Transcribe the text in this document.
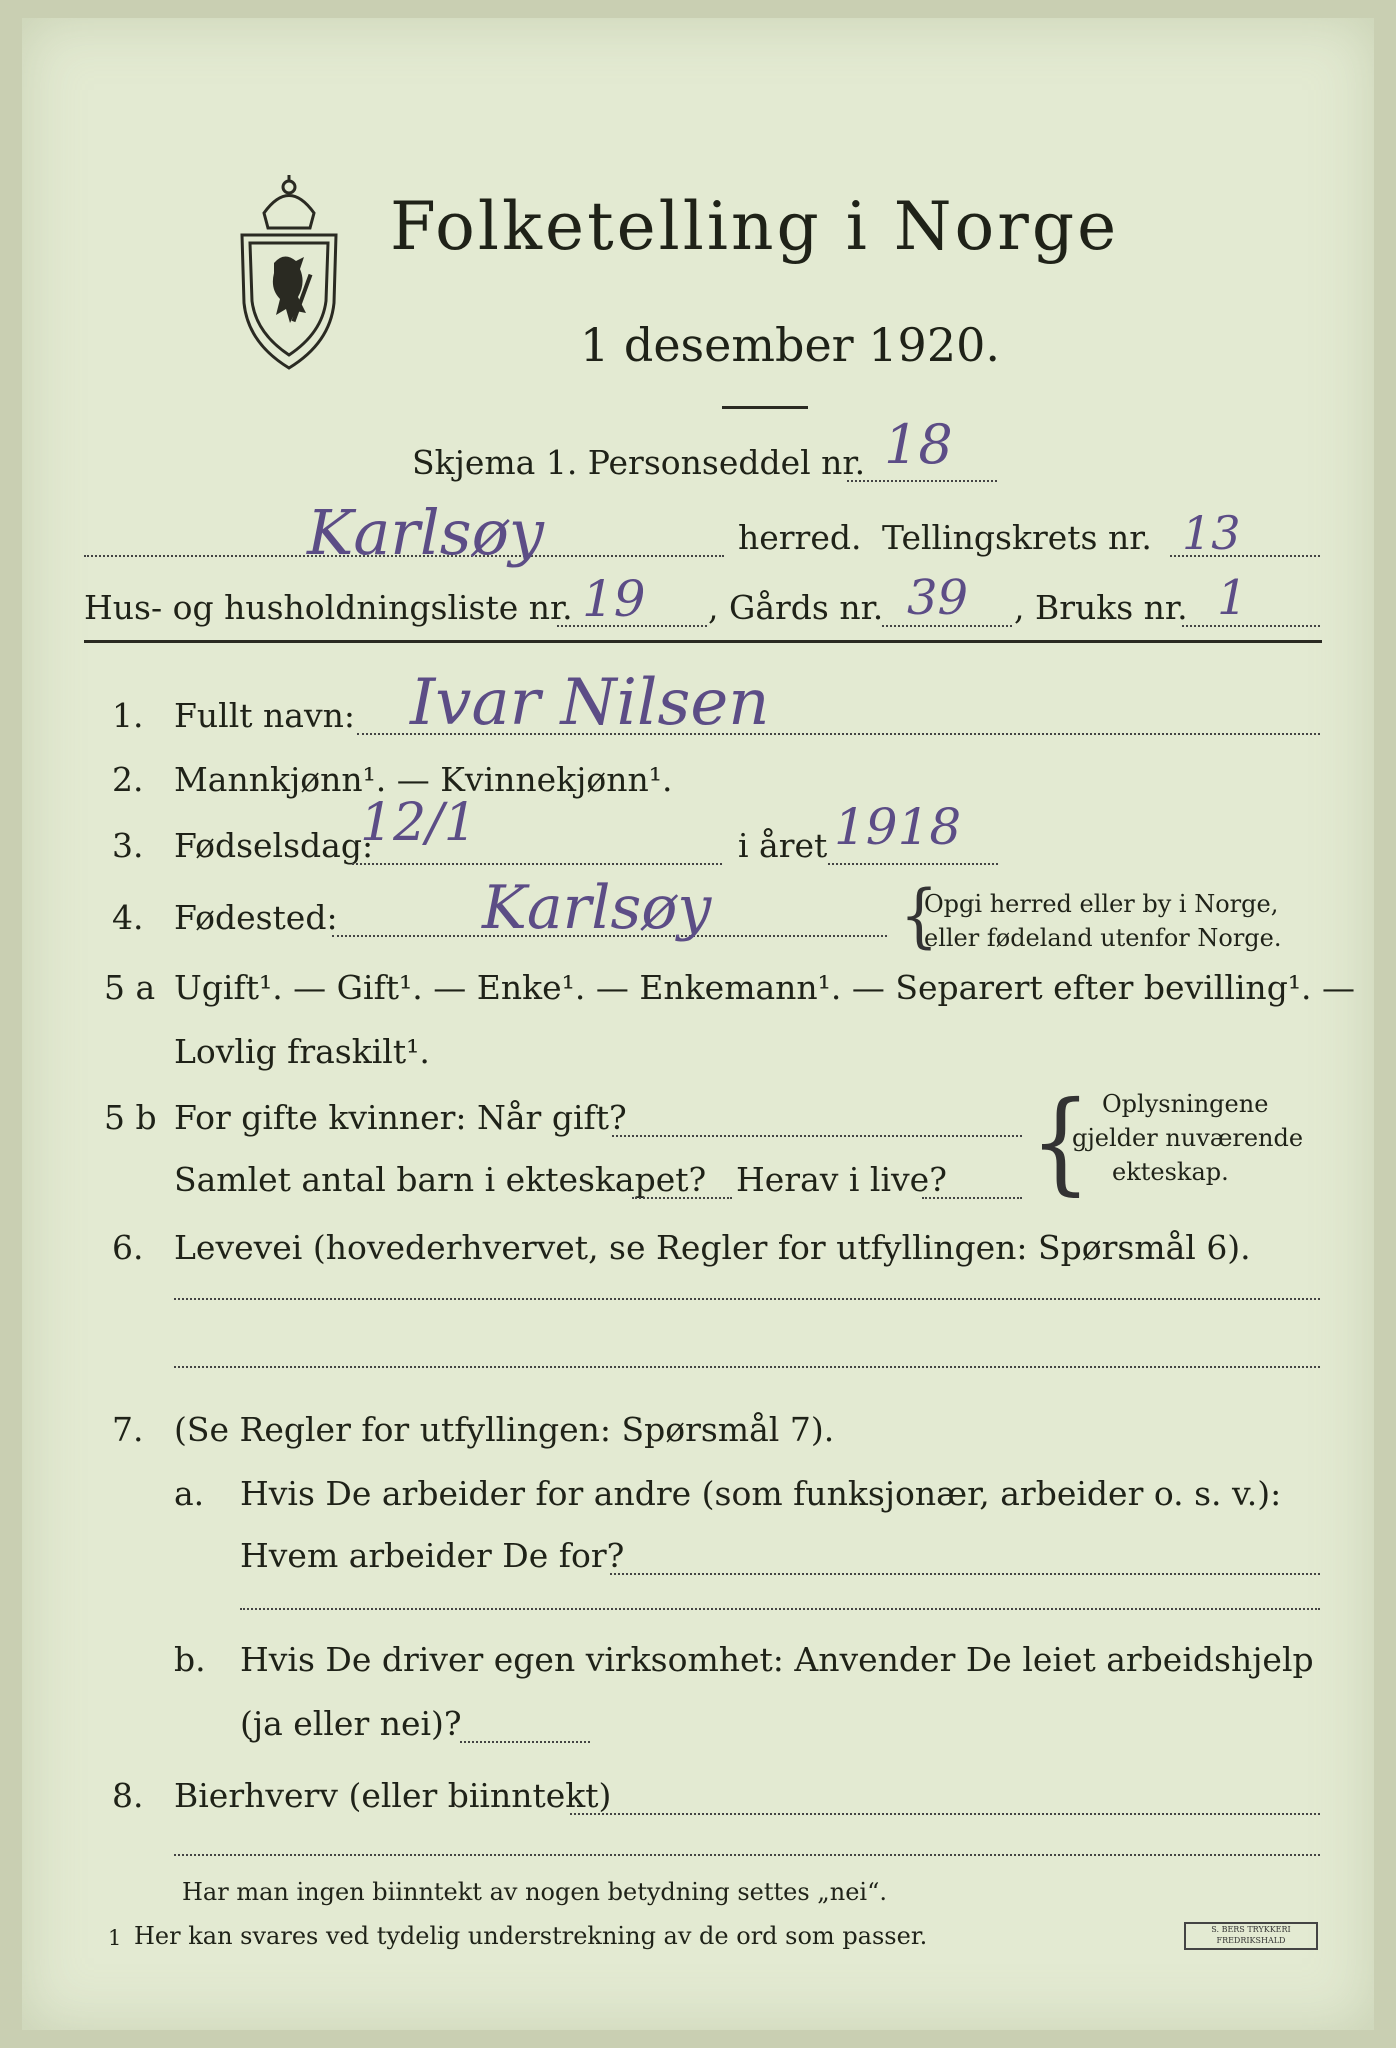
Folketelling i Norge
1 desember 1920.
Skjema 1. Personseddel nr. 18
Karlsøy	herred. Tellingskrets nr. 13
Hus- og husholdningsliste nr. 19 , Gårds nr. 39 , Bruks nr. 1
1. Fullt navn: Ivar Nilsen
2. Mannkjønn¹. — Kvinnekjønn¹.
3. Fødselsdag:
12/1	i året 1918
4. Fødested: Karlsøy	{
Opgi herred eller by i Norge,
eller fødeland utenfor Norge.
5 a Ugift¹. — Gift¹. — Enke¹. — Enkemann¹. — Separert efter bevilling¹. —
Lovlig fraskilt¹.
5 b For gifte kvinner: Når gift?
Samlet antal barn i ekteskapet? Herav i live? { Oplysningene
gjelder nuværende
ekteskap.
6. Levevei (hovederhvervet, se Regler for utfyllingen: Spørsmål 6).
7. (Se Regler for utfyllingen: Spørsmål 7).
a. Hvis De arbeider for andre (som funksjonær, arbeider o. s. v.):
Hvem arbeider De for?
b. Hvis De driver egen virksomhet: Anvender De leiet arbeidshjelp
(ja eller nei)?
8. Bierhverv (eller biinntekt)
Har man ingen biinntekt av nogen betydning settes „nei“.
1 Her kan svares ved tydelig understrekning av de ord som passer.	S. BERS TRYKKERI FREDRIKSHALD
